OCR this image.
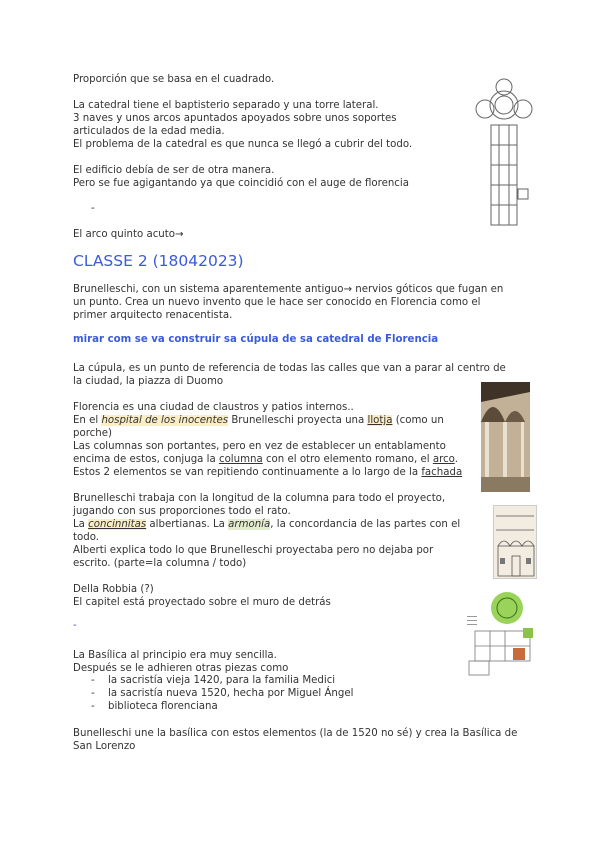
Proporción que se basa en el cuadrado.
La catedral tiene el baptisterio separado y una torre lateral.
3 naves y unos arcos apuntados apoyados sobre unos soportes
articulados de la edad media.
El problema de la catedral es que nunca se llegó a cubrir del todo.
El edificio debía de ser de otra manera.
Pero se fue agigantando ya que coincidió con el auge de florencia
-
El arco quinto acuto→
CLASSE 2 (18042023)
Brunelleschi, con un sistema aparentemente antiguo→ nervios góticos que fugan en
un punto. Crea un nuevo invento que le hace ser conocido en Florencia como el
primer arquitecto renacentista.
mirar com se va construir sa cúpula de sa catedral de Florencia
La cúpula, es un punto de referencia de todas las calles que van a parar al centro de
la ciudad, la piazza di Duomo
Florencia es una ciudad de claustros y patios internos..
En el hospital de los inocentes Brunelleschi proyecta una llotja (como un
porche)
Las columnas son portantes, pero en vez de establecer un entablamento
encima de estos, conjuga la columna con el otro elemento romano, el arco.
Estos 2 elementos se van repitiendo continuamente a lo largo de la fachada
Brunelleschi trabaja con la longitud de la columna para todo el proyecto,
jugando con sus proporciones todo el rato.
La concinnitas albertianas. La armonía, la concordancia de las partes con el
todo.
Alberti explica todo lo que Brunelleschi proyectaba pero no dejaba por
escrito. (parte=la columna / todo)
Della Robbia (?)
El capitel está proyectado sobre el muro de detrás
-
La Basílica al principio era muy sencilla.
Después se le adhieren otras piezas como
- la sacristía vieja 1420, para la familia Medici
- la sacristía nueva 1520, hecha por Miguel Ángel
- biblioteca florenciana
Bunelleschi une la basílica con estos elementos (la de 1520 no sé) y crea la Basílica de
San Lorenzo
